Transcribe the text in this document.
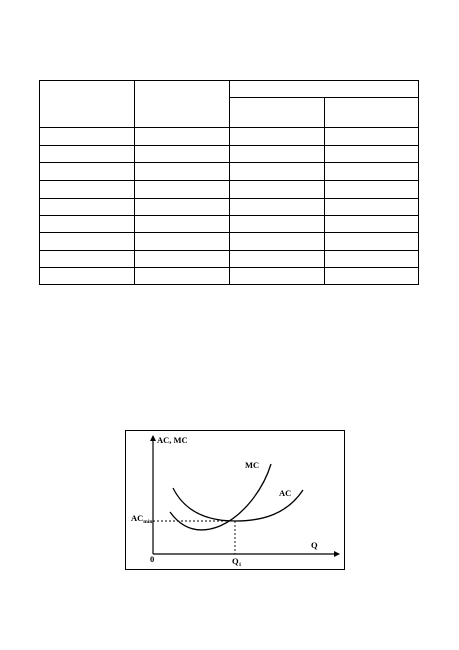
AC, MC
Q
0
MC
AC
ACmin
Q1
